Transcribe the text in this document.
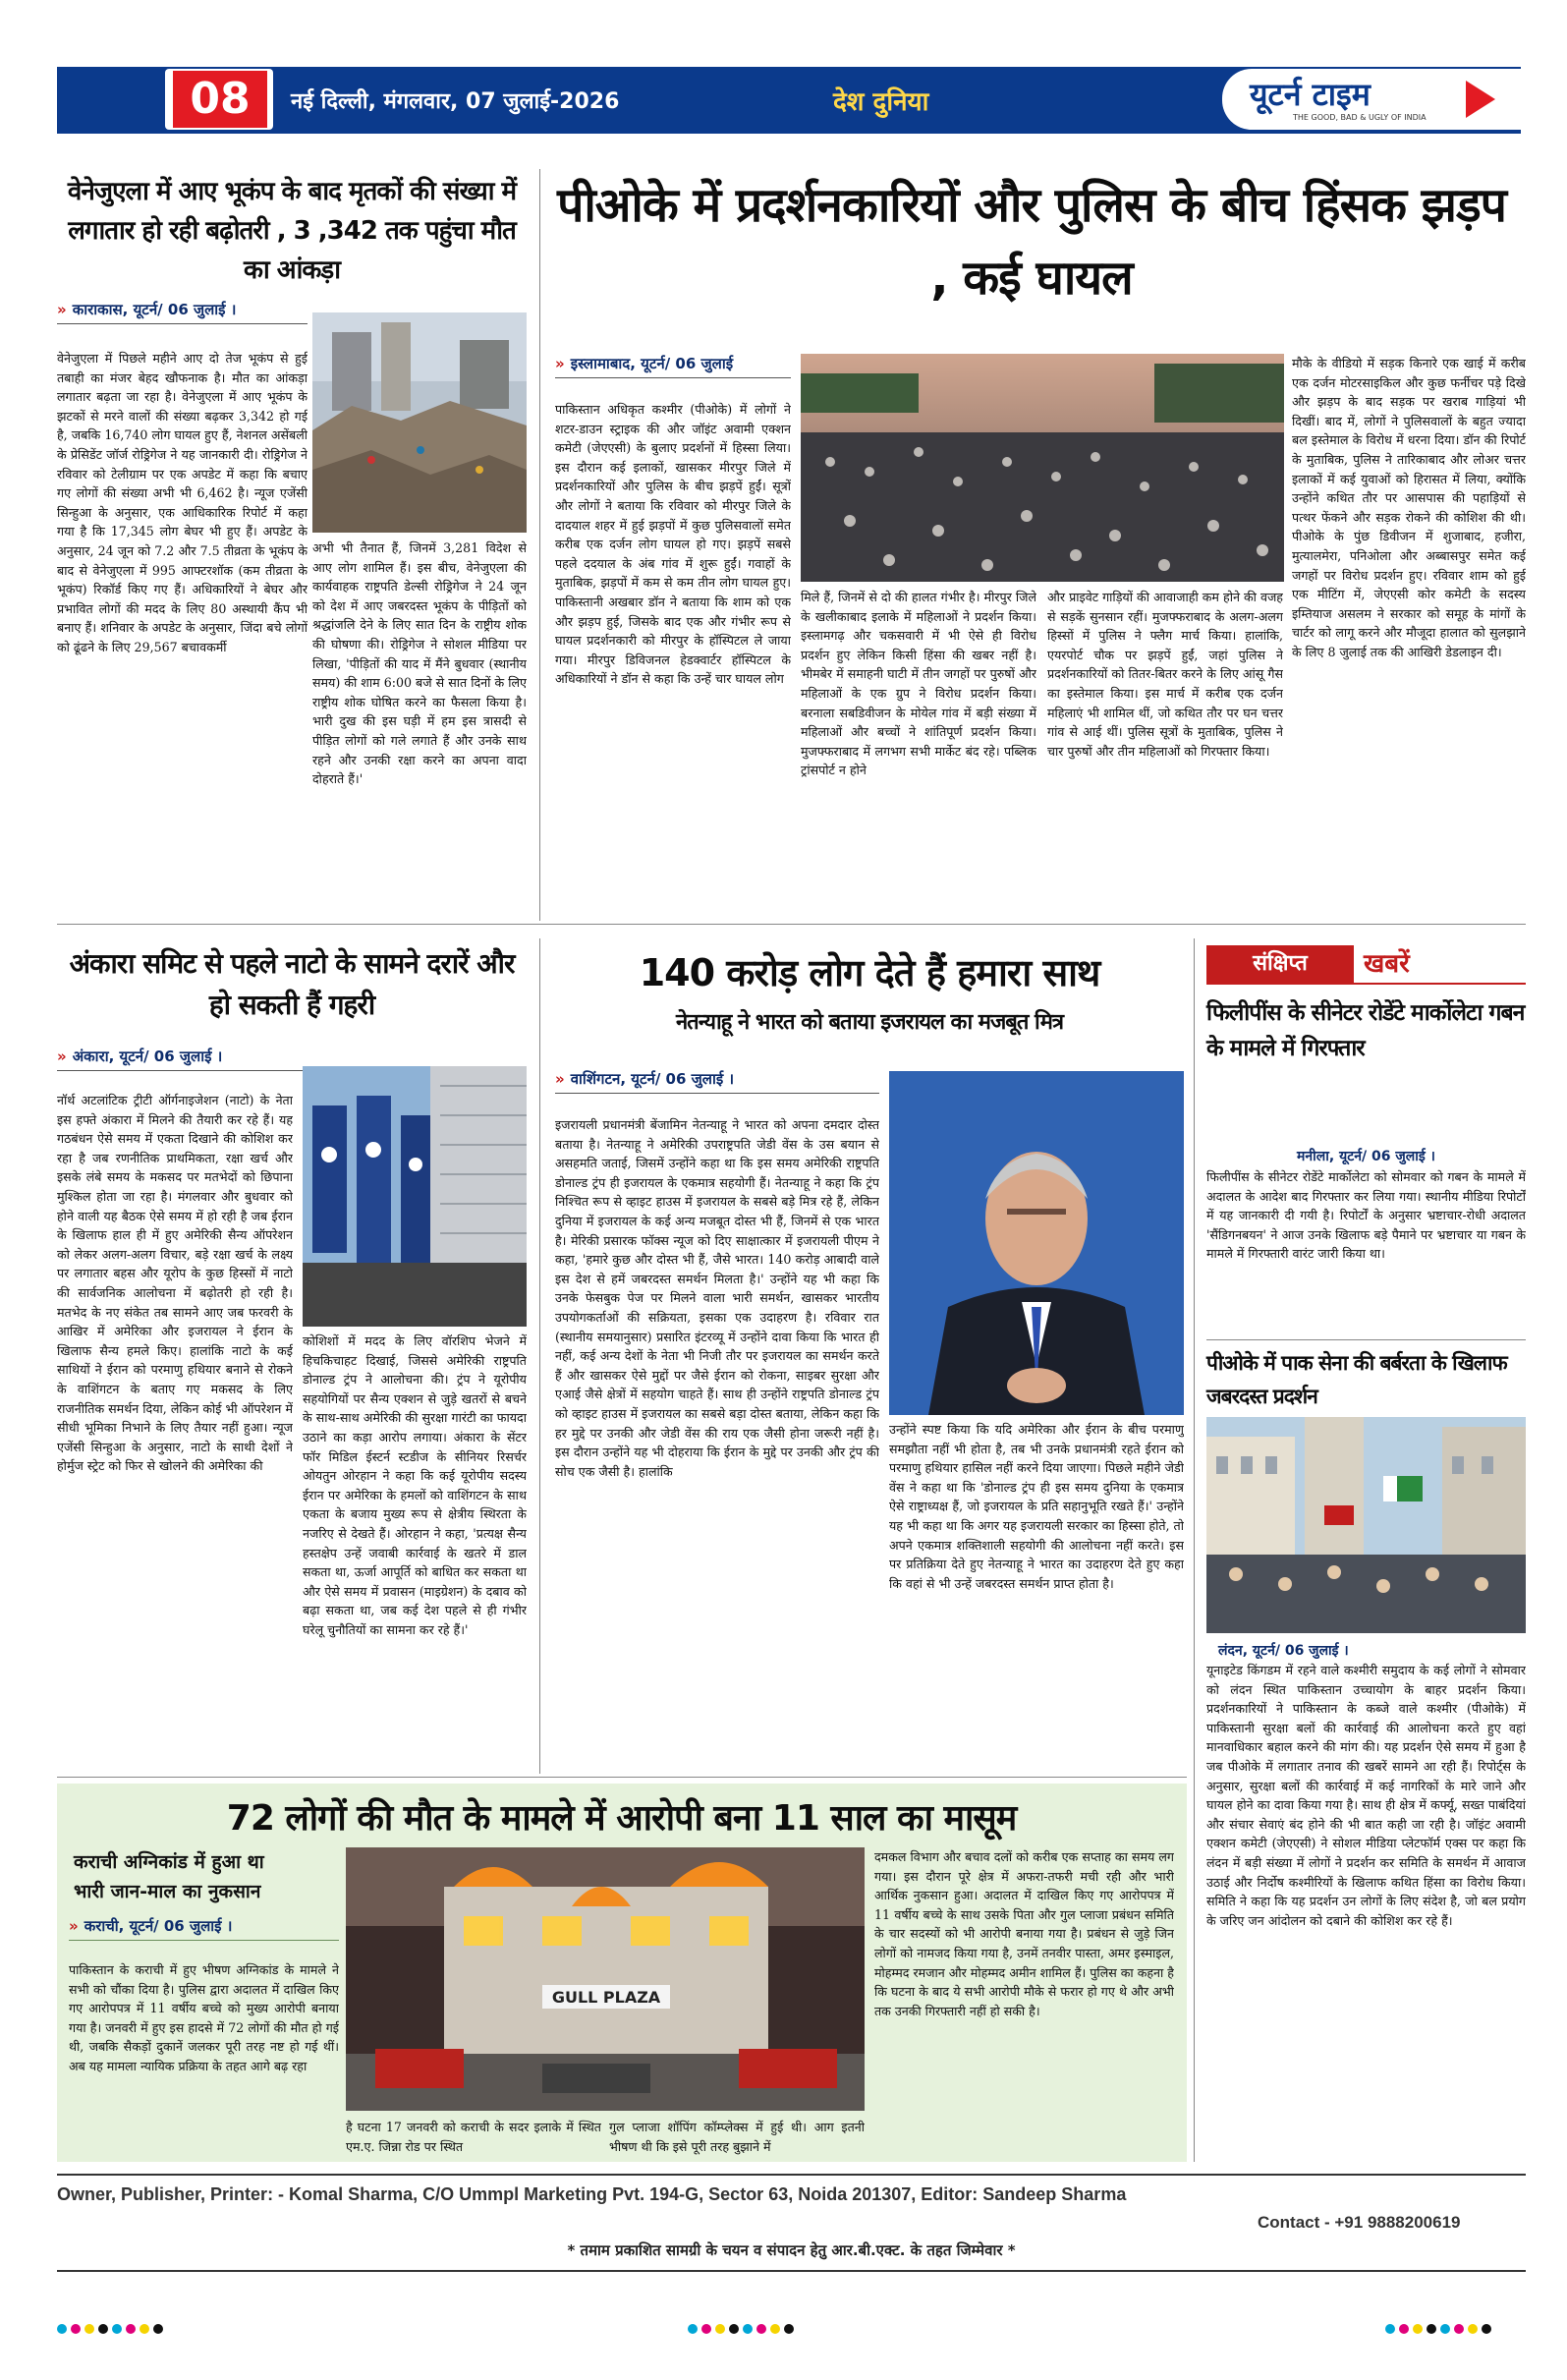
08	नई दिल्ली, मंगलवार, 07 जुलाई-2026	देश दुनिया	यूटर्न टाइम
THE GOOD, BAD & UGLY OF INDIA
वेनेजुएला में आए भूकंप के बाद मृतकों की संख्या में लगातार हो रही बढ़ोतरी , 3 ,342 तक पहुंचा मौत का आंकड़ा
» काराकास, यूटर्न/ 06 जुलाई ।
वेनेजुएला में पिछले महीने आए दो तेज भूकंप से हुई तबाही का मंजर बेहद खौफनाक है। मौत का आंकड़ा लगातार बढ़ता जा रहा है। वेनेजुएला में आए भूकंप के झटकों से मरने वालों की संख्या बढ़कर 3,342 हो गई है, जबकि 16,740 लोग घायल हुए हैं, नेशनल असेंबली के प्रेसिडेंट जॉर्ज रोड्रिगेज ने यह जानकारी दी। रोड्रिगेज ने रविवार को टेलीग्राम पर एक अपडेट में कहा कि बचाए गए लोगों की संख्या अभी भी 6,462 है। न्यूज एजेंसी सिन्हुआ के अनुसार, एक आधिकारिक रिपोर्ट में कहा गया है कि 17,345 लोग बेघर भी हुए हैं। अपडेट के अनुसार, 24 जून को 7.2 और 7.5 तीव्रता के भूकंप के बाद से वेनेजुएला में 995 आफ्टरशॉक (कम तीव्रता के भूकंप) रिकॉर्ड किए गए हैं। अधिकारियों ने बेघर और प्रभावित लोगों की मदद के लिए 80 अस्थायी कैंप भी बनाए हैं। शनिवार के अपडेट के अनुसार, जिंदा बचे लोगों को ढूंढने के लिए 29,567 बचावकर्मी
अभी भी तैनात हैं, जिनमें 3,281 विदेश से आए लोग शामिल हैं। इस बीच, वेनेजुएला की कार्यवाहक राष्ट्रपति डेल्सी रोड्रिगेज ने 24 जून को देश में आए जबरदस्त भूकंप के पीड़ितों को श्रद्धांजलि देने के लिए सात दिन के राष्ट्रीय शोक की घोषणा की। रोड्रिगेज ने सोशल मीडिया पर लिखा, 'पीड़ितों की याद में मैंने बुधवार (स्थानीय समय) की शाम 6:00 बजे से सात दिनों के लिए राष्ट्रीय शोक घोषित करने का फैसला किया है। भारी दुख की इस घड़ी में हम इस त्रासदी से पीड़ित लोगों को गले लगाते हैं और उनके साथ रहने और उनकी रक्षा करने का अपना वादा दोहराते हैं।'
पीओके में प्रदर्शनकारियों और पुलिस के बीच हिंसक झड़प , कई घायल
» इस्लामाबाद, यूटर्न/ 06 जुलाई
पाकिस्तान अधिकृत कश्मीर (पीओके) में लोगों ने शटर-डाउन स्ट्राइक की और जॉइंट अवामी एक्शन कमेटी (जेएएसी) के बुलाए प्रदर्शनों में हिस्सा लिया। इस दौरान कई इलाकों, खासकर मीरपुर जिले में प्रदर्शनकारियों और पुलिस के बीच झड़पें हुईं। सूत्रों और लोगों ने बताया कि रविवार को मीरपुर जिले के दादयाल शहर में हुई झड़पों में कुछ पुलिसवालों समेत करीब एक दर्जन लोग घायल हो गए। झड़पें सबसे पहले ददयाल के अंब गांव में शुरू हुईं। गवाहों के मुताबिक, झड़पों में कम से कम तीन लोग घायल हुए। पाकिस्तानी अखबार डॉन ने बताया कि शाम को एक और झड़प हुई, जिसके बाद एक और गंभीर रूप से घायल प्रदर्शनकारी को मीरपुर के हॉस्पिटल ले जाया गया। मीरपुर डिविजनल हेडक्वार्टर हॉस्पिटल के अधिकारियों ने डॉन से कहा कि उन्हें चार घायल लोग
मिले हैं, जिनमें से दो की हालत गंभीर है। मीरपुर जिले के खलीकाबाद इलाके में महिलाओं ने प्रदर्शन किया। इस्लामगढ़ और चकसवारी में भी ऐसे ही विरोध प्रदर्शन हुए लेकिन किसी हिंसा की खबर नहीं है। भीमबेर में समाहनी घाटी में तीन जगहों पर पुरुषों और महिलाओं के एक ग्रुप ने विरोध प्रदर्शन किया। बरनाला सबडिवीजन के मोयेल गांव में बड़ी संख्या में महिलाओं और बच्चों ने शांतिपूर्ण प्रदर्शन किया। मुजफ्फराबाद में लगभग सभी मार्केट बंद रहे। पब्लिक ट्रांसपोर्ट न होने
और प्राइवेट गाड़ियों की आवाजाही कम होने की वजह से सड़कें सुनसान रहीं। मुजफ्फराबाद के अलग-अलग हिस्सों में पुलिस ने फ्लैग मार्च किया। हालांकि, एयरपोर्ट चौक पर झड़पें हुईं, जहां पुलिस ने प्रदर्शनकारियों को तितर-बितर करने के लिए आंसू गैस का इस्तेमाल किया। इस मार्च में करीब एक दर्जन महिलाएं भी शामिल थीं, जो कथित तौर पर घन चत्तर गांव से आई थीं। पुलिस सूत्रों के मुताबिक, पुलिस ने चार पुरुषों और तीन महिलाओं को गिरफ्तार किया।
मौके के वीडियो में सड़क किनारे एक खाई में करीब एक दर्जन मोटरसाइकिल और कुछ फर्नीचर पड़े दिखे और झड़प के बाद सड़क पर खराब गाड़ियां भी दिखीं। बाद में, लोगों ने पुलिसवालों के बहुत ज्यादा बल इस्तेमाल के विरोध में धरना दिया। डॉन की रिपोर्ट के मुताबिक, पुलिस ने तारिकाबाद और लोअर चत्तर इलाकों में कई युवाओं को हिरासत में लिया, क्योंकि उन्होंने कथित तौर पर आसपास की पहाड़ियों से पत्थर फेंकने और सड़क रोकने की कोशिश की थी। पीओके के पुंछ डिवीजन में शुजाबाद, हजीरा, मुत्यालमेरा, पनिओला और अब्बासपुर समेत कई जगहों पर विरोध प्रदर्शन हुए। रविवार शाम को हुई एक मीटिंग में, जेएएसी कोर कमेटी के सदस्य इम्तियाज असलम ने सरकार को समूह के मांगों के चार्टर को लागू करने और मौजूदा हालात को सुलझाने के लिए 8 जुलाई तक की आखिरी डेडलाइन दी।
अंकारा समिट से पहले नाटो के सामने दरारें और हो सकती हैं गहरी
» अंकारा, यूटर्न/ 06 जुलाई ।
नॉर्थ अटलांटिक ट्रीटी ऑर्गनाइजेशन (नाटो) के नेता इस हफ्ते अंकारा में मिलने की तैयारी कर रहे हैं। यह गठबंधन ऐसे समय में एकता दिखाने की कोशिश कर रहा है जब रणनीतिक प्राथमिकता, रक्षा खर्च और इसके लंबे समय के मकसद पर मतभेदों को छिपाना मुश्किल होता जा रहा है। मंगलवार और बुधवार को होने वाली यह बैठक ऐसे समय में हो रही है जब ईरान के खिलाफ हाल ही में हुए अमेरिकी सैन्य ऑपरेशन को लेकर अलग-अलग विचार, बड़े रक्षा खर्च के लक्ष्य पर लगातार बहस और यूरोप के कुछ हिस्सों में नाटो की सार्वजनिक आलोचना में बढ़ोतरी हो रही है। मतभेद के नए संकेत तब सामने आए जब फरवरी के आखिर में अमेरिका और इजरायल ने ईरान के खिलाफ सैन्य हमले किए। हालांकि नाटो के कई साथियों ने ईरान को परमाणु हथियार बनाने से रोकने के वाशिंगटन के बताए गए मकसद के लिए राजनीतिक समर्थन दिया, लेकिन कोई भी ऑपरेशन में सीधी भूमिका निभाने के लिए तैयार नहीं हुआ। न्यूज एजेंसी सिन्हुआ के अनुसार, नाटो के साथी देशों ने होर्मुज स्ट्रेट को फिर से खोलने की अमेरिका की
कोशिशों में मदद के लिए वॉरशिप भेजने में हिचकिचाहट दिखाई, जिससे अमेरिकी राष्ट्रपति डोनाल्ड ट्रंप ने आलोचना की। ट्रंप ने यूरोपीय सहयोगियों पर सैन्य एक्शन से जुड़े खतरों से बचने के साथ-साथ अमेरिकी की सुरक्षा गारंटी का फायदा उठाने का कड़ा आरोप लगाया। अंकारा के सेंटर फॉर मिडिल ईस्टर्न स्टडीज के सीनियर रिसर्चर ओयतुन ओरहान ने कहा कि कई यूरोपीय सदस्य ईरान पर अमेरिका के हमलों को वाशिंगटन के साथ एकता के बजाय मुख्य रूप से क्षेत्रीय स्थिरता के नजरिए से देखते हैं। ओरहान ने कहा, 'प्रत्यक्ष सैन्य हस्तक्षेप उन्हें जवाबी कार्रवाई के खतरे में डाल सकता था, ऊर्जा आपूर्ति को बाधित कर सकता था और ऐसे समय में प्रवासन (माइग्रेशन) के दबाव को बढ़ा सकता था, जब कई देश पहले से ही गंभीर घरेलू चुनौतियों का सामना कर रहे हैं।'
140 करोड़ लोग देते हैं हमारा साथ
नेतन्याहू ने भारत को बताया इजरायल का मजबूत मित्र
» वाशिंगटन, यूटर्न/ 06 जुलाई ।
इजरायली प्रधानमंत्री बेंजामिन नेतन्याहू ने भारत को अपना दमदार दोस्त बताया है। नेतन्याहू ने अमेरिकी उपराष्ट्रपति जेडी वेंस के उस बयान से असहमति जताई, जिसमें उन्होंने कहा था कि इस समय अमेरिकी राष्ट्रपति डोनाल्ड ट्रंप ही इजरायल के एकमात्र सहयोगी हैं। नेतन्याहू ने कहा कि ट्रंप निश्चित रूप से व्हाइट हाउस में इजरायल के सबसे बड़े मित्र रहे हैं, लेकिन दुनिया में इजरायल के कई अन्य मजबूत दोस्त भी हैं, जिनमें से एक भारत है। मेरिकी प्रसारक फॉक्स न्यूज को दिए साक्षात्कार में इजरायली पीएम ने कहा, 'हमारे कुछ और दोस्त भी हैं, जैसे भारत। 140 करोड़ आबादी वाले इस देश से हमें जबरदस्त समर्थन मिलता है।' उन्होंने यह भी कहा कि उनके फेसबुक पेज पर मिलने वाला भारी समर्थन, खासकर भारतीय उपयोगकर्ताओं की सक्रियता, इसका एक उदाहरण है। रविवार रात (स्थानीय समयानुसार) प्रसारित इंटरव्यू में उन्होंने दावा किया कि भारत ही नहीं, कई अन्य देशों के नेता भी निजी तौर पर इजरायल का समर्थन करते हैं और खासकर ऐसे मुद्दों पर जैसे ईरान को रोकना, साइबर सुरक्षा और एआई जैसे क्षेत्रों में सहयोग चाहते हैं। साथ ही उन्होंने राष्ट्रपति डोनाल्ड ट्रंप को व्हाइट हाउस में इजरायल का सबसे बड़ा दोस्त बताया, लेकिन कहा कि हर मुद्दे पर उनकी और जेडी वेंस की राय एक जैसी होना जरूरी नहीं है। इस दौरान उन्होंने यह भी दोहराया कि ईरान के मुद्दे पर उनकी और ट्रंप की सोच एक जैसी है। हालांकि
उन्होंने स्पष्ट किया कि यदि अमेरिका और ईरान के बीच परमाणु समझौता नहीं भी होता है, तब भी उनके प्रधानमंत्री रहते ईरान को परमाणु हथियार हासिल नहीं करने दिया जाएगा। पिछले महीने जेडी वेंस ने कहा था कि 'डोनाल्ड ट्रंप ही इस समय दुनिया के एकमात्र ऐसे राष्ट्राध्यक्ष हैं, जो इजरायल के प्रति सहानुभूति रखते हैं।' उन्होंने यह भी कहा था कि अगर यह इजरायली सरकार का हिस्सा होते, तो अपने एकमात्र शक्तिशाली सहयोगी की आलोचना नहीं करते। इस पर प्रतिक्रिया देते हुए नेतन्याहू ने भारत का उदाहरण देते हुए कहा कि वहां से भी उन्हें जबरदस्त समर्थन प्राप्त होता है।
संक्षिप्त	खबरें
फिलीपींस के सीनेटर रोडेंटे मार्कोलेटा गबन के मामले में गिरफ्तार
मनीला, यूटर्न/ 06 जुलाई ।
फिलीपींस के सीनेटर रोडेंटे मार्कोलेटा को सोमवार को गबन के मामले में अदालत के आदेश बाद गिरफ्तार कर लिया गया। स्थानीय मीडिया रिपोर्टों में यह जानकारी दी गयी है। रिपोर्टों के अनुसार भ्रष्टाचार-रोधी अदालत 'सैंडिगनबयन' ने आज उनके खिलाफ बड़े पैमाने पर भ्रष्टाचार या गबन के मामले में गिरफ्तारी वारंट जारी किया था।
पीओके में पाक सेना की बर्बरता के खिलाफ जबरदस्त प्रदर्शन
लंदन, यूटर्न/ 06 जुलाई ।
यूनाइटेड किंगडम में रहने वाले कश्मीरी समुदाय के कई लोगों ने सोमवार को लंदन स्थित पाकिस्तान उच्चायोग के बाहर प्रदर्शन किया। प्रदर्शनकारियों ने पाकिस्तान के कब्जे वाले कश्मीर (पीओके) में पाकिस्तानी सुरक्षा बलों की कार्रवाई की आलोचना करते हुए वहां मानवाधिकार बहाल करने की मांग की। यह प्रदर्शन ऐसे समय में हुआ है जब पीओके में लगातार तनाव की खबरें सामने आ रही हैं। रिपोर्ट्स के अनुसार, सुरक्षा बलों की कार्रवाई में कई नागरिकों के मारे जाने और घायल होने का दावा किया गया है। साथ ही क्षेत्र में कर्फ्यू, सख्त पाबंदियां और संचार सेवाएं बंद होने की भी बात कही जा रही है। जॉइंट अवामी एक्शन कमेटी (जेएएसी) ने सोशल मीडिया प्लेटफॉर्म एक्स पर कहा कि लंदन में बड़ी संख्या में लोगों ने प्रदर्शन कर समिति के समर्थन में आवाज उठाई और निर्दोष कश्मीरियों के खिलाफ कथित हिंसा का विरोध किया। समिति ने कहा कि यह प्रदर्शन उन लोगों के लिए संदेश है, जो बल प्रयोग के जरिए जन आंदोलन को दबाने की कोशिश कर रहे हैं।
72 लोगों की मौत के मामले में आरोपी बना 11 साल का मासूम
कराची अग्निकांड में हुआ था
भारी जान-माल का नुकसान
» कराची, यूटर्न/ 06 जुलाई ।
पाकिस्तान के कराची में हुए भीषण अग्निकांड के मामले ने सभी को चौंका दिया है। पुलिस द्वारा अदालत में दाखिल किए गए आरोपपत्र में 11 वर्षीय बच्चे को मुख्य आरोपी बनाया गया है। जनवरी में हुए इस हादसे में 72 लोगों की मौत हो गई थी, जबकि सैकड़ों दुकानें जलकर पूरी तरह नष्ट हो गई थीं। अब यह मामला न्यायिक प्रक्रिया के तहत आगे बढ़ रहा
GULL PLAZA
है घटना 17 जनवरी को कराची के सदर इलाके में स्थित एम.ए. जिन्ना रोड पर स्थित
गुल प्लाजा शॉपिंग कॉम्प्लेक्स में हुई थी। आग इतनी भीषण थी कि इसे पूरी तरह बुझाने में
दमकल विभाग और बचाव दलों को करीब एक सप्ताह का समय लग गया। इस दौरान पूरे क्षेत्र में अफरा-तफरी मची रही और भारी आर्थिक नुकसान हुआ। अदालत में दाखिल किए गए आरोपपत्र में 11 वर्षीय बच्चे के साथ उसके पिता और गुल प्लाजा प्रबंधन समिति के चार सदस्यों को भी आरोपी बनाया गया है। प्रबंधन से जुड़े जिन लोगों को नामजद किया गया है, उनमें तनवीर पास्ता, अमर इस्माइल, मोहम्मद रमजान और मोहम्मद अमीन शामिल हैं। पुलिस का कहना है कि घटना के बाद ये सभी आरोपी मौके से फरार हो गए थे और अभी तक उनकी गिरफ्तारी नहीं हो सकी है।
Owner, Publisher, Printer: - Komal Sharma, C/O Ummpl Marketing Pvt. 194-G, Sector 63, Noida 201307, Editor: Sandeep Sharma
Contact - +91 9888200619
* तमाम प्रकाशित सामग्री के चयन व संपादन हेतु आर.बी.एक्ट. के तहत जिम्मेवार *
